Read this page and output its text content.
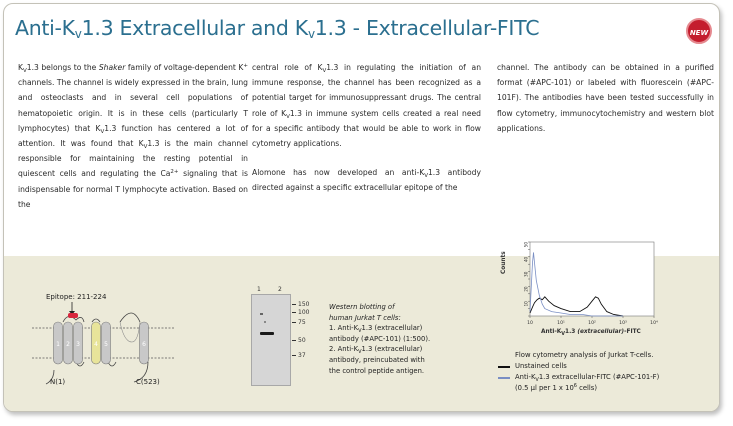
Anti-$K_v1.3$ Extracellular and $K_v1.3$ - Extracellular-FITC	NEW

$K_V1.3$ belongs to the Shaker family of voltage-dependent K+ channels. The channel is widely expressed in the brain, lung and osteoclasts and in several cell populations of hematopoietic origin. It is in these cells (particularly T lymphocytes) that $K_V1.3$ function has centered a lot of attention. It was found that $K_V1.3$ is the main channel responsible for maintaining the resting potential in quiescent cells and regulating the $Ca^{2+}$ signaling that is indispensable for normal T lymphocyte activation. Based on the

central role of $K_V1.3$ in regulating the initiation of an immune response, the channel has been recognized as a potential target for immunosuppressant drugs. The central role of $K_V1.3$ in immune system cells created a real need for a specific antibody that would be able to work in flow cytometry applications.

Alomone has now developed an anti-$K_V1.3$ antibody directed against a specific extracellular epitope of the

channel. The antibody can be obtained in a purified format (#APC-101) or labeled with fluorescein (#APC-101F). The antibodies have been tested successfully in flow cytometry, immunocytochemistry and western blot applications.

Epitope: 211-224
1 2 3 4 5	6
N(1)	C(523)
1	2
150
100
75
50
37
Western blotting of
human Jurkat T cells:
1. Anti-$K_V1.3$ (extracellular)
antibody (#APC-101) (1:500).
2. Anti-$K_V1.3$ (extracellular)
antibody, preincubated with
the control peptide antigen.
10
20
30
40
50
10	10¹	10²	10³	10⁴
Counts
Anti-$K_V1.3$ (extracellular)-FITC
Flow cytometry analysis of Jurkat T-cells.
Unstained cells
Anti-$K_V1.3$ extracellular-FITC (#APC-101-F)
(0.5 µl per 1 x $10^6$ cells)
